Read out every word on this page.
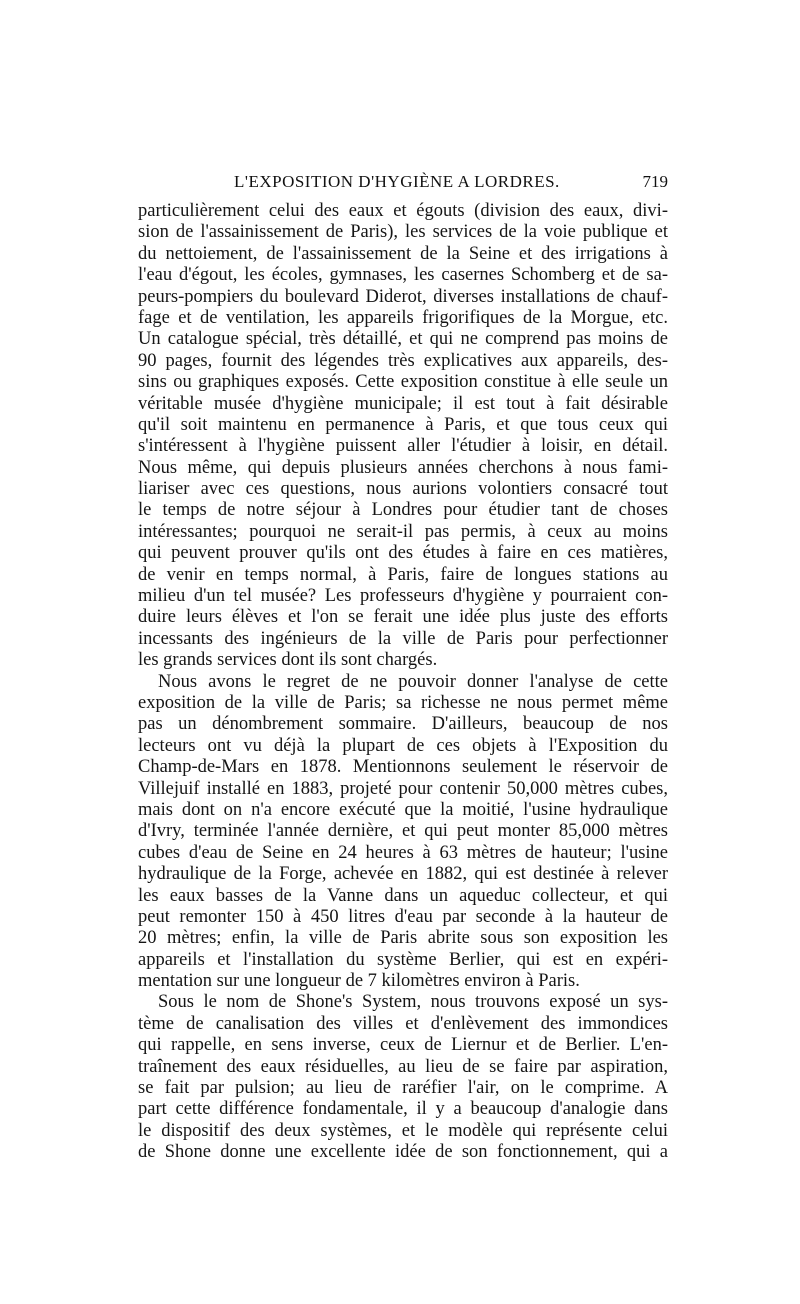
L'EXPOSITION D'HYGIÈNE A LORDRES.	719
particulièrement celui des eaux et égouts (division des eaux, divi-
sion de l'assainissement de Paris), les services de la voie publique et
du nettoiement, de l'assainissement de la Seine et des irrigations à
l'eau d'égout, les écoles, gymnases, les casernes Schomberg et de sa-
peurs-pompiers du boulevard Diderot, diverses installations de chauf-
fage et de ventilation, les appareils frigorifiques de la Morgue, etc.
Un catalogue spécial, très détaillé, et qui ne comprend pas moins de
90 pages, fournit des légendes très explicatives aux appareils, des-
sins ou graphiques exposés. Cette exposition constitue à elle seule un
véritable musée d'hygiène municipale; il est tout à fait désirable
qu'il soit maintenu en permanence à Paris, et que tous ceux qui
s'intéressent à l'hygiène puissent aller l'étudier à loisir, en détail.
Nous même, qui depuis plusieurs années cherchons à nous fami-
liariser avec ces questions, nous aurions volontiers consacré tout
le temps de notre séjour à Londres pour étudier tant de choses
intéressantes; pourquoi ne serait-il pas permis, à ceux au moins
qui peuvent prouver qu'ils ont des études à faire en ces matières,
de venir en temps normal, à Paris, faire de longues stations au
milieu d'un tel musée? Les professeurs d'hygiène y pourraient con-
duire leurs élèves et l'on se ferait une idée plus juste des efforts
incessants des ingénieurs de la ville de Paris pour perfectionner
les grands services dont ils sont chargés.
Nous avons le regret de ne pouvoir donner l'analyse de cette
exposition de la ville de Paris; sa richesse ne nous permet même
pas un dénombrement sommaire. D'ailleurs, beaucoup de nos
lecteurs ont vu déjà la plupart de ces objets à l'Exposition du
Champ-de-Mars en 1878. Mentionnons seulement le réservoir de
Villejuif installé en 1883, projeté pour contenir 50,000 mètres cubes,
mais dont on n'a encore exécuté que la moitié, l'usine hydraulique
d'Ivry, terminée l'année dernière, et qui peut monter 85,000 mètres
cubes d'eau de Seine en 24 heures à 63 mètres de hauteur; l'usine
hydraulique de la Forge, achevée en 1882, qui est destinée à relever
les eaux basses de la Vanne dans un aqueduc collecteur, et qui
peut remonter 150 à 450 litres d'eau par seconde à la hauteur de
20 mètres; enfin, la ville de Paris abrite sous son exposition les
appareils et l'installation du système Berlier, qui est en expéri-
mentation sur une longueur de 7 kilomètres environ à Paris.
Sous le nom de Shone's System, nous trouvons exposé un sys-
tème de canalisation des villes et d'enlèvement des immondices
qui rappelle, en sens inverse, ceux de Liernur et de Berlier. L'en-
traînement des eaux résiduelles, au lieu de se faire par aspiration,
se fait par pulsion; au lieu de raréfier l'air, on le comprime. A
part cette différence fondamentale, il y a beaucoup d'analogie dans
le dispositif des deux systèmes, et le modèle qui représente celui
de Shone donne une excellente idée de son fonctionnement, qui a
